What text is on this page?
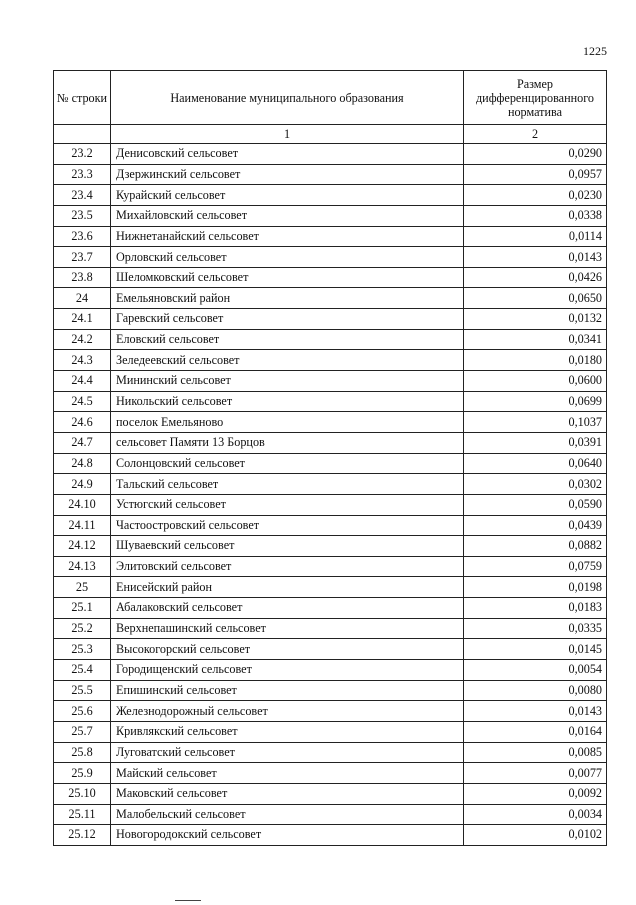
1225
№ строки	Наименование муниципального образования	Размер дифференцированного норматива
	1	2
23.2	Денисовский сельсовет	0,0290
23.3	Дзержинский сельсовет	0,0957
23.4	Курайский сельсовет	0,0230
23.5	Михайловский сельсовет	0,0338
23.6	Нижнетанайский сельсовет	0,0114
23.7	Орловский сельсовет	0,0143
23.8	Шеломковский сельсовет	0,0426
24	Емельяновский район	0,0650
24.1	Гаревский сельсовет	0,0132
24.2	Еловский сельсовет	0,0341
24.3	Зеледеевский сельсовет	0,0180
24.4	Мининский сельсовет	0,0600
24.5	Никольский сельсовет	0,0699
24.6	поселок Емельяново	0,1037
24.7	сельсовет Памяти 13 Борцов	0,0391
24.8	Солонцовский сельсовет	0,0640
24.9	Тальский сельсовет	0,0302
24.10	Устюгский сельсовет	0,0590
24.11	Частоостровский сельсовет	0,0439
24.12	Шуваевский сельсовет	0,0882
24.13	Элитовский сельсовет	0,0759
25	Енисейский район	0,0198
25.1	Абалаковский сельсовет	0,0183
25.2	Верхнепашинский сельсовет	0,0335
25.3	Высокогорский сельсовет	0,0145
25.4	Городищенский сельсовет	0,0054
25.5	Епишинский сельсовет	0,0080
25.6	Железнодорожный сельсовет	0,0143
25.7	Кривлякский сельсовет	0,0164
25.8	Луговатский сельсовет	0,0085
25.9	Майский сельсовет	0,0077
25.10	Маковский сельсовет	0,0092
25.11	Малобельский сельсовет	0,0034
25.12	Новогородокский сельсовет	0,0102
